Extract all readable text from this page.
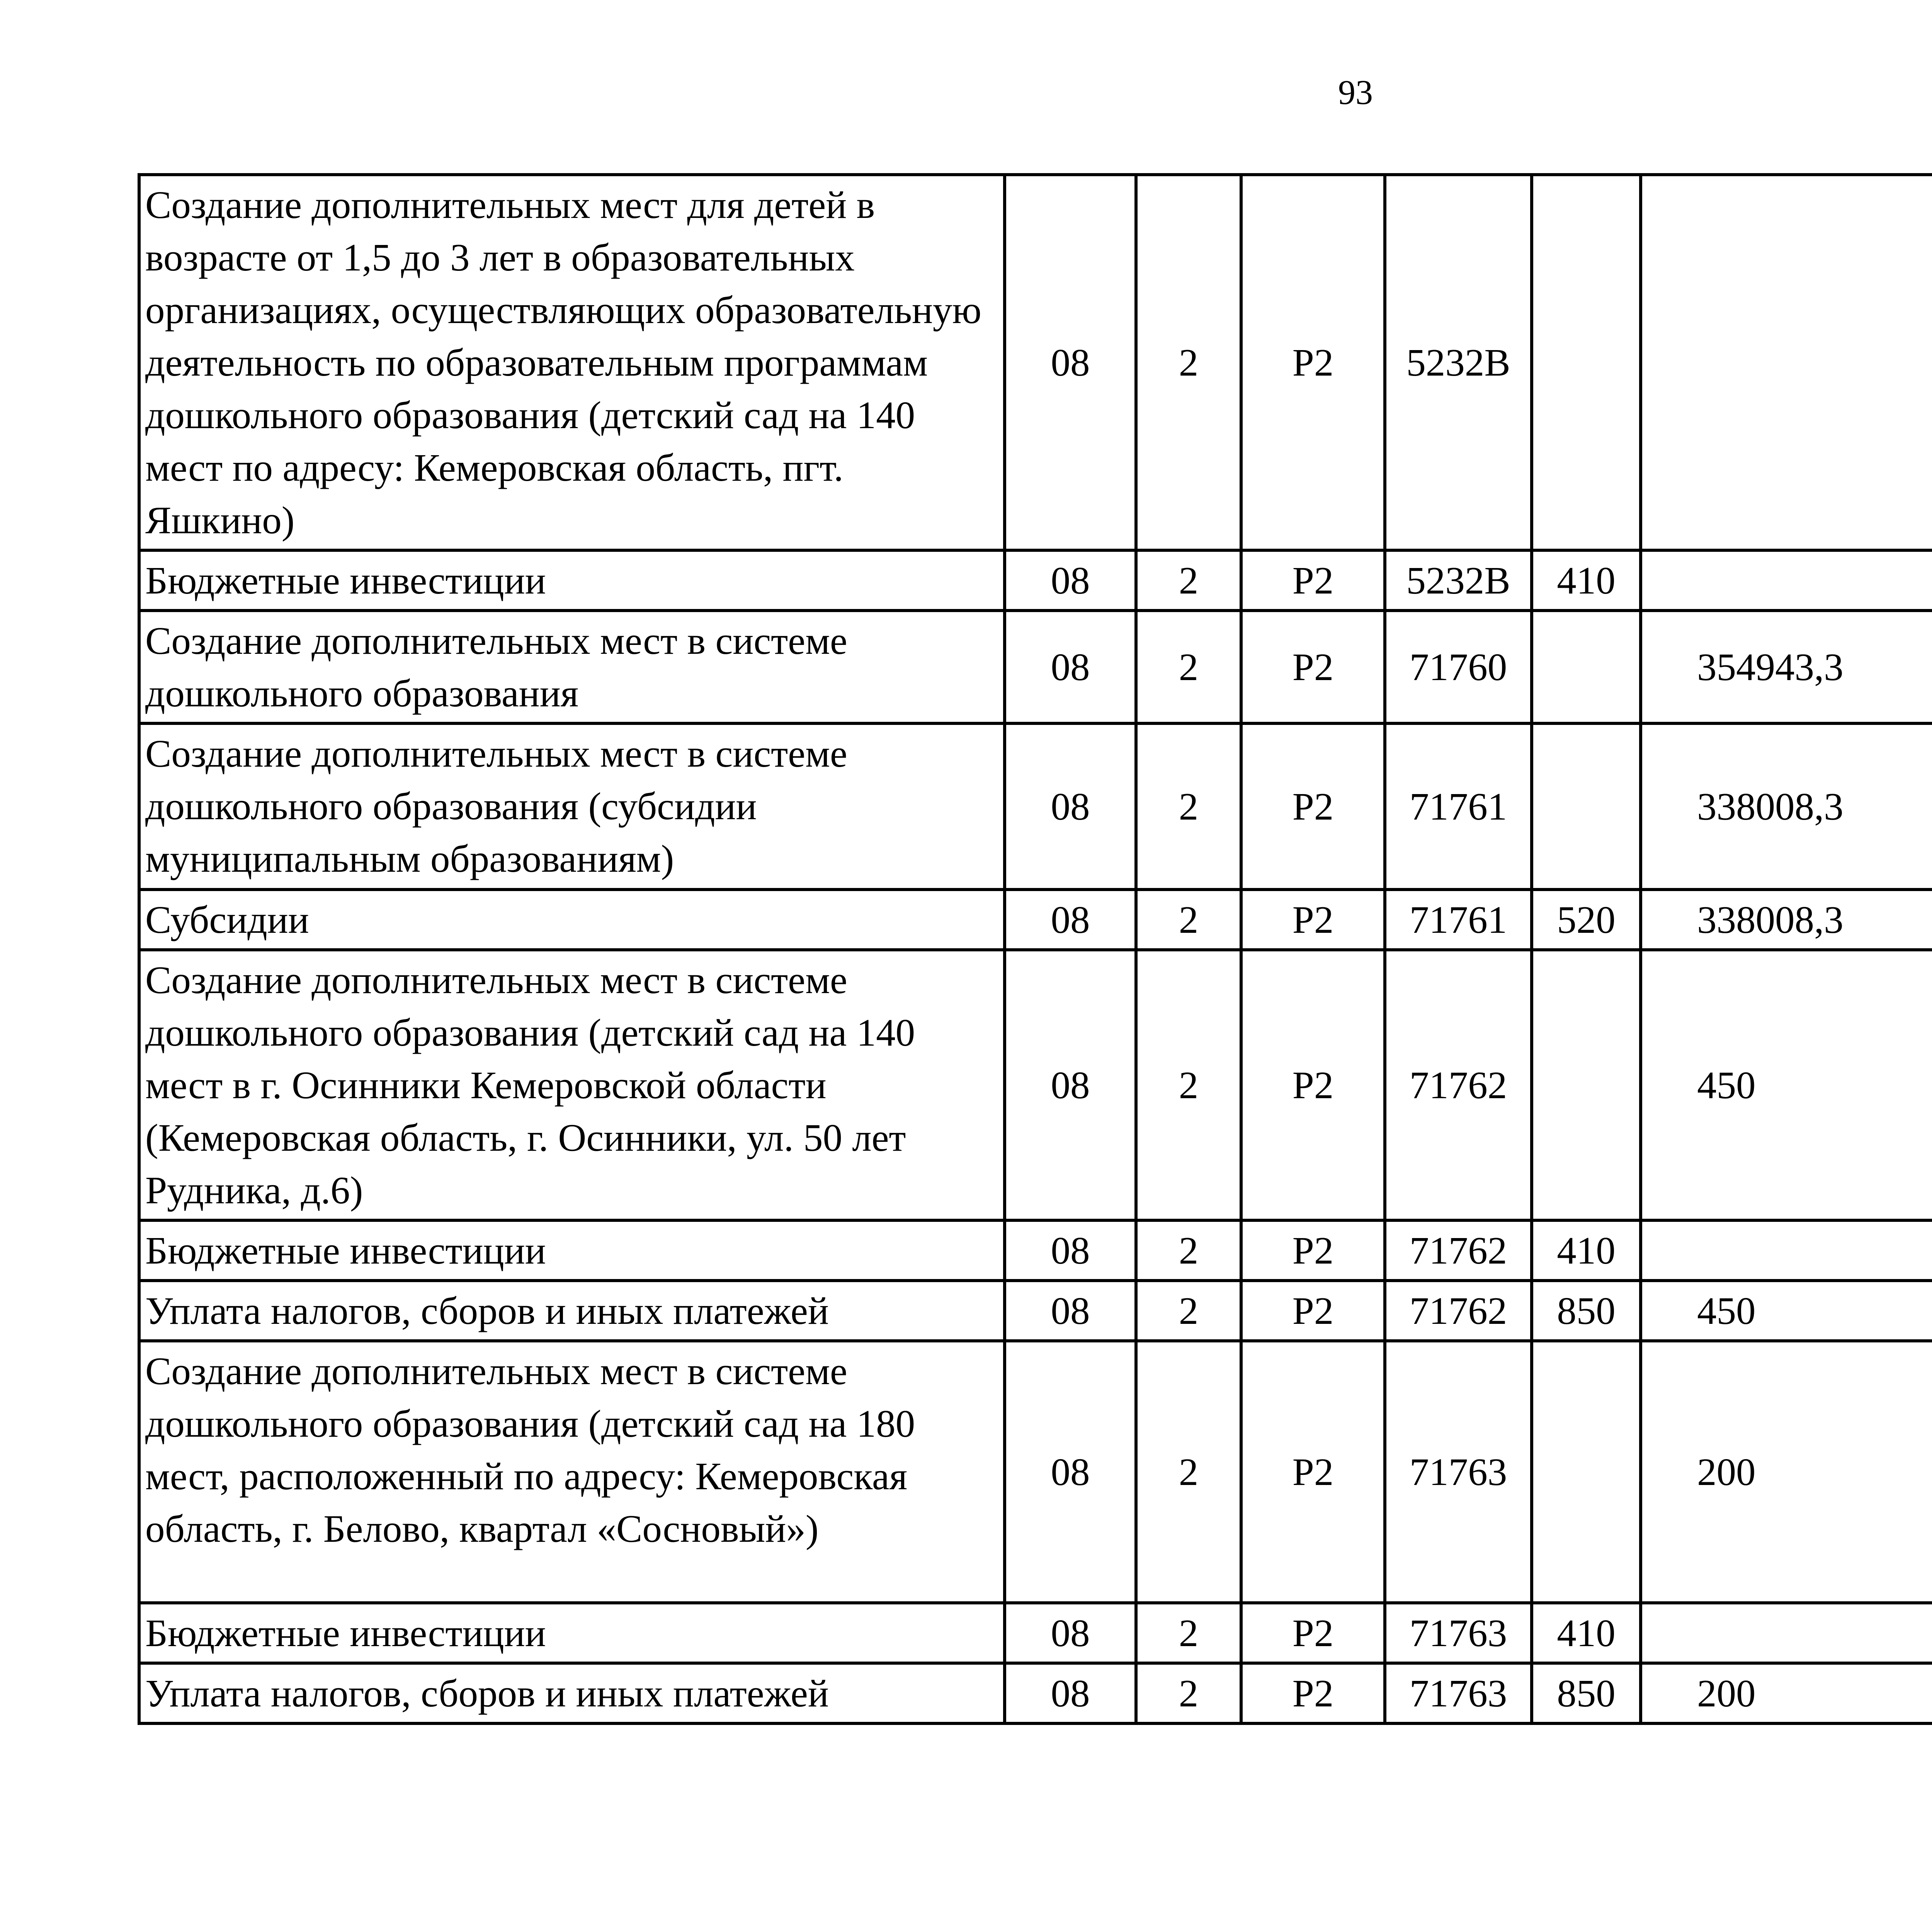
93
Создание дополнительных мест для детей в возрасте от 1,5 до 3 лет в образовательных организациях, осуществляющих образовательную деятельность по образовательным программам дошкольного образования (детский сад на 140 мест по адресу: Кемеровская область, пгт. Яшкино)	08	2	P2	5232B				
Бюджетные инвестиции	08	2	P2	5232B	410			
Создание дополнительных мест в системе дошкольного образования	08	2	P2	71760		354943,3		
Создание дополнительных мест в системе дошкольного образования (субсидии муниципальным образованиям)	08	2	P2	71761		338008,3		
Субсидии	08	2	P2	71761	520	338008,3		
Создание дополнительных мест в системе дошкольного образования (детский сад на 140 мест в г. Осинники Кемеровской области (Кемеровская область, г. Осинники, ул. 50 лет Рудника, д.6)	08	2	P2	71762		450		
Бюджетные инвестиции	08	2	P2	71762	410			
Уплата налогов, сборов и иных платежей	08	2	P2	71762	850	450		
Создание дополнительных мест в системе дошкольного образования (детский сад на 180 мест, расположенный по адресу: Кемеровская область, г. Белово, квартал «Сосновый»)	08	2	P2	71763		200		
Бюджетные инвестиции	08	2	P2	71763	410			
Уплата налогов, сборов и иных платежей	08	2	P2	71763	850	200		
